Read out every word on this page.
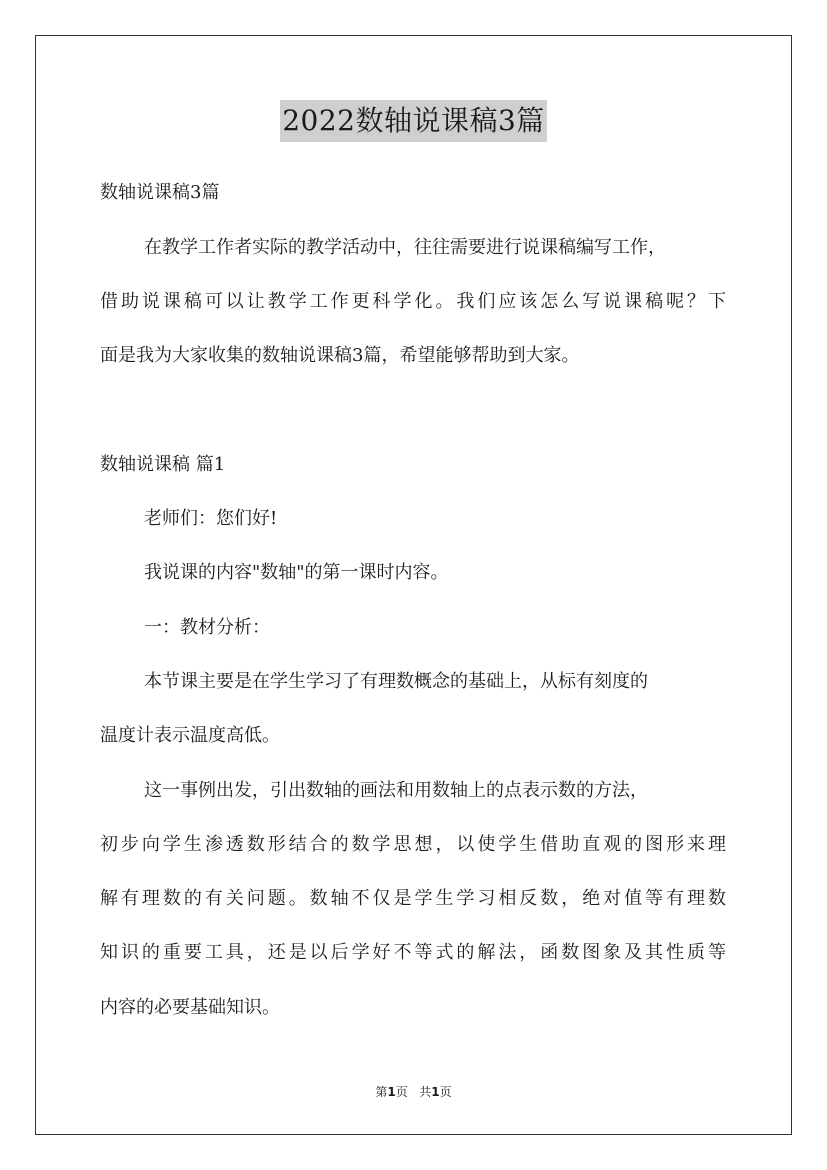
2022数轴说课稿3篇
数轴说课稿3篇
在教学工作者实际的教学活动中，往往需要进行说课稿编写工作，
借助说课稿可以让教学工作更科学化。我们应该怎么写说课稿呢？下
面是我为大家收集的数轴说课稿3篇，希望能够帮助到大家。
数轴说课稿 篇1
老师们：您们好!
我说课的内容"数轴"的第一课时内容。
一：教材分析：
本节课主要是在学生学习了有理数概念的基础上，从标有刻度的
温度计表示温度高低。
这一事例出发，引出数轴的画法和用数轴上的点表示数的方法，
初步向学生渗透数形结合的数学思想，以使学生借助直观的图形来理
解有理数的有关问题。数轴不仅是学生学习相反数，绝对值等有理数
知识的重要工具，还是以后学好不等式的解法，函数图象及其性质等
内容的必要基础知识。
第1页 共1页
